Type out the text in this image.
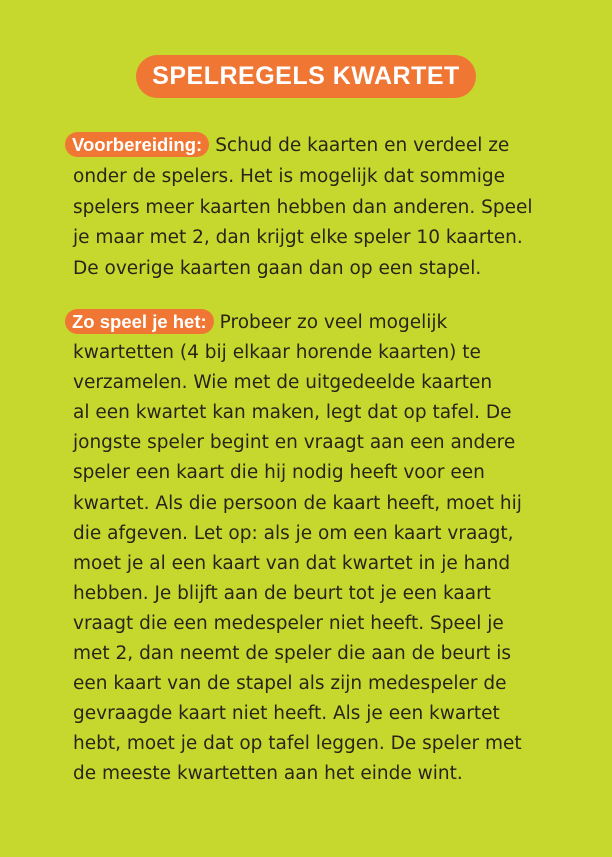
SPELREGELS KWARTET
Voorbereiding: Schud de kaarten en verdeel ze
onder de spelers. Het is mogelijk dat sommige
spelers meer kaarten hebben dan anderen. Speel
je maar met 2, dan krijgt elke speler 10 kaarten.
De overige kaarten gaan dan op een stapel.
Zo speel je het: Probeer zo veel mogelijk
kwartetten (4 bij elkaar horende kaarten) te
verzamelen. Wie met de uitgedeelde kaarten
al een kwartet kan maken, legt dat op tafel. De
jongste speler begint en vraagt aan een andere
speler een kaart die hij nodig heeft voor een
kwartet. Als die persoon de kaart heeft, moet hij
die afgeven. Let op: als je om een kaart vraagt,
moet je al een kaart van dat kwartet in je hand
hebben. Je blijft aan de beurt tot je een kaart
vraagt die een medespeler niet heeft. Speel je
met 2, dan neemt de speler die aan de beurt is
een kaart van de stapel als zijn medespeler de
gevraagde kaart niet heeft. Als je een kwartet
hebt, moet je dat op tafel leggen. De speler met
de meeste kwartetten aan het einde wint.
